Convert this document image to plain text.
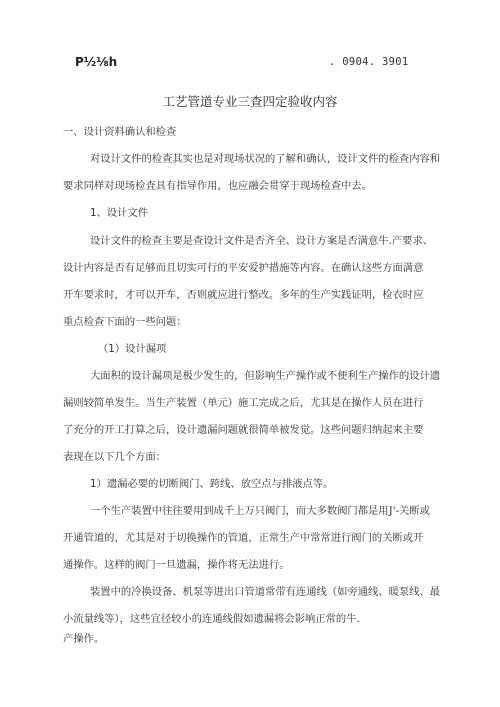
P½⅛h	. 0904. 3901
工艺管道专业三查四定验收内容
一、设计资料确认和检查
对设计文件的检查其实也是对现场状况的了解和确认，设计文件的检查内容和
要求同样对现场检査具有指导作用，也应融会贯穿于现场检查中去。
1、设计文件
设计文件的检查主要是查设计文件是否齐全、设计方案是否满意牛.产要求、
设计内容是否有足够而且切实可行的平安爱护措施等内容。在确认这些方面满意
开车要求时，才可以开车，否则就应进行整改。多年的生产实践证明，检衣时应
重点检查下面的一些问题：
（1）设计漏项
大面积的设计漏项是极少发生的，但影响生产操作或不便利生产操作的设计遗
漏则较简单发生。当生产装置（单元）施工完成之后，尤其是在操作人员在进行
了充分的开工打算之后，设计遗漏问题就很简单被发觉。这些问题归纳起来主要
表现在以下几个方面：
1）遗漏必要的切断阀门、跨线、放空点与排液点等。
一个生产装置中往往要用到成千上万只阀门，而大多数阀门都是用J'-关断或
开通管道的，尤其是对于切换操作的管道，正常生产中常常进行阀门的关断或开
通操作。这样的阀门一旦遗漏，操作将无法进行。
装置中的冷换设备、机泵等进出口管道常带有连通线（如旁通线、暖泵线、最
小流量线等），这些宜径较小的连通线假如遗漏将会影响正常的牛.
产操作。
